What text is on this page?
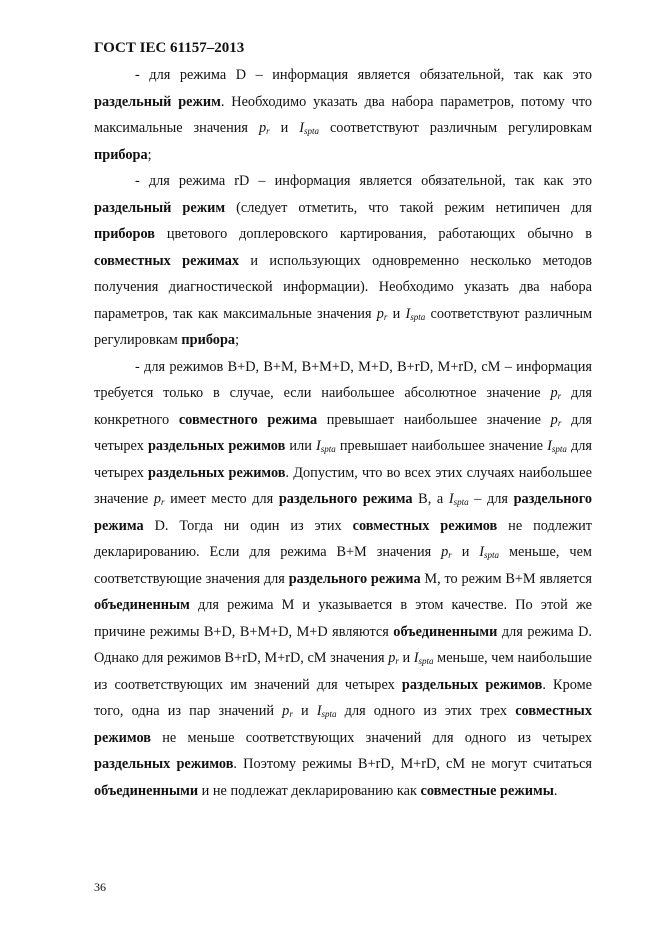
ГОСТ IEC 61157–2013

- для режима D – информация является обязательной, так как это раздельный режим. Необходимо указать два набора параметров, потому что максимальные значения $p_r$ и $I_{spta}$ соответствуют различным регулировкам прибора;

- для режима rD – информация является обязательной, так как это раздельный режим (следует отметить, что такой режим нетипичен для приборов цветового доплеровского картирования, работающих обычно в совместных режимах и использующих одновременно несколько методов получения диагностической информации). Необходимо указать два набора параметров, так как максимальные значения $p_r$ и $I_{spta}$ соответствуют различным регулировкам прибора;

- для режимов B+D, B+M, B+M+D, M+D, B+rD, M+rD, cM – информация требуется только в случае, если наибольшее абсолютное значение $p_r$ для конкретного совместного режима превышает наибольшее значение $p_r$ для четырех раздельных режимов или $I_{spta}$ превышает наибольшее значение $I_{spta}$ для четырех раздельных режимов. Допустим, что во всех этих случаях наибольшее значение $p_r$ имеет место для раздельного режима B, а $I_{spta}$ – для раздельного режима D. Тогда ни один из этих совместных режимов не подлежит декларированию. Если для режима B+M значения $p_r$ и $I_{spta}$ меньше, чем соответствующие значения для раздельного режима M, то режим B+M является объединенным для режима M и указывается в этом качестве. По этой же причине режимы B+D, B+M+D, M+D являются объединенными для режима D. Однако для режимов B+rD, M+rD, cM значения $p_r$ и $I_{spta}$ меньше, чем наибольшие из соответствующих им значений для четырех раздельных режимов. Кроме того, одна из пар значений $p_r$ и $I_{spta}$ для одного из этих трех совместных режимов не меньше соответствующих значений для одного из четырех раздельных режимов. Поэтому режимы B+rD, M+rD, cM не могут считаться объединенными и не подлежат декларированию как совместные режимы.

36
